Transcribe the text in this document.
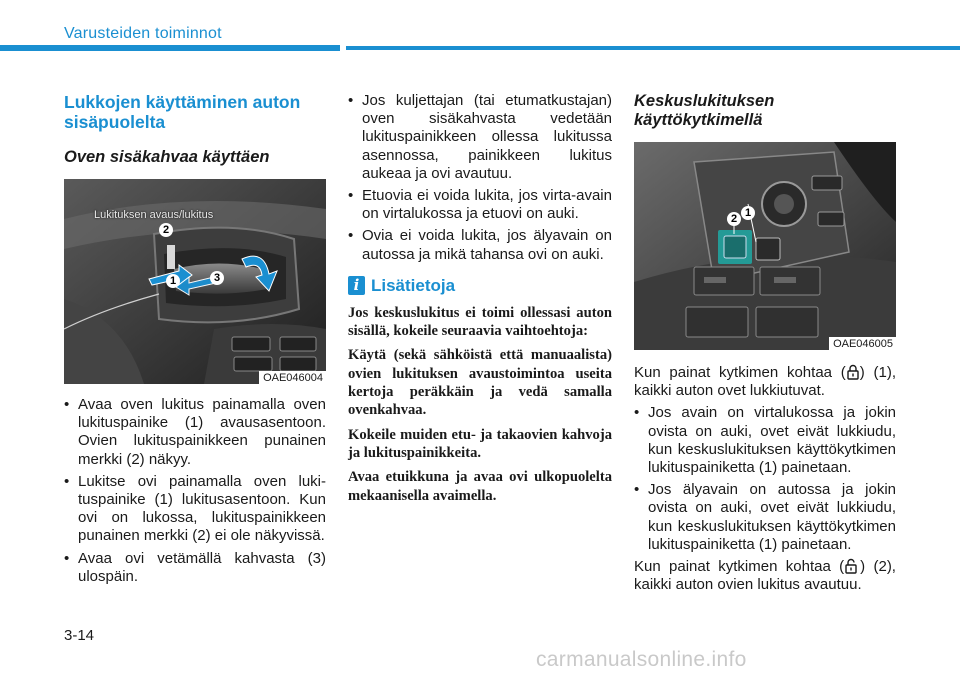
Varusteiden toiminnot
Lukkojen käyttäminen auton sisäpuolelta
Oven sisäkahvaa käyttäen
Lukituksen avaus/lukitus
2
1	3
OAE046004
• Avaa oven lukitus painamalla oven lukituspainike (1) avausasentoon. Ovien lukituspainikkeen punainen merkki (2) näkyy.
• Lukitse ovi painamalla oven lukituspainike (1) lukitusasentoon. Kun ovi on lukossa, lukituspainikkeen punainen merkki (2) ei ole näkyvissä.
• Avaa ovi vetämällä kahvasta (3) ulospäin.
• Jos kuljettajan (tai etumatkustajan) oven sisäkahvasta vedetään lukituspainikkeen ollessa lukitussa asennossa, painikkeen lukitus aukeaa ja ovi avautuu.
• Etuovia ei voida lukita, jos virta-avain on virtalukossa ja etuovi on auki.
• Ovia ei voida lukita, jos älyavain on autossa ja mikä tahansa ovi on auki.
i Lisätietoja
Jos keskuslukitus ei toimi ollessasi auton sisällä, kokeile seuraavia vaihtoehtoja:
Käytä (sekä sähköistä että manuaalista) ovien lukituksen avaustoimintoa useita kertoja peräkkäin ja vedä samalla ovenkahvaa.
Kokeile muiden etu- ja takaovien kahvoja ja lukituspainikkeita.
Avaa etuikkuna ja avaa ovi ulkopuolelta mekaanisella avaimella.
Keskuslukituksen käyttökytkimellä
2 1
OAE046005
Kun painat kytkimen kohtaa ( ) (1), kaikki auton ovet lukkiutuvat.
• Jos avain on virtalukossa ja jokin ovista on auki, ovet eivät lukkiudu, kun keskuslukituksen käyttökytkimen lukituspainiketta (1) painetaan.
• Jos älyavain on autossa ja jokin ovista on auki, ovet eivät lukkiudu, kun keskuslukituksen käyttökytkimen lukituspainiketta (1) painetaan.
Kun painat kytkimen kohtaa ( ) (2), kaikki auton ovien lukitus avautuu.
3-14
carmanualsonline.info
